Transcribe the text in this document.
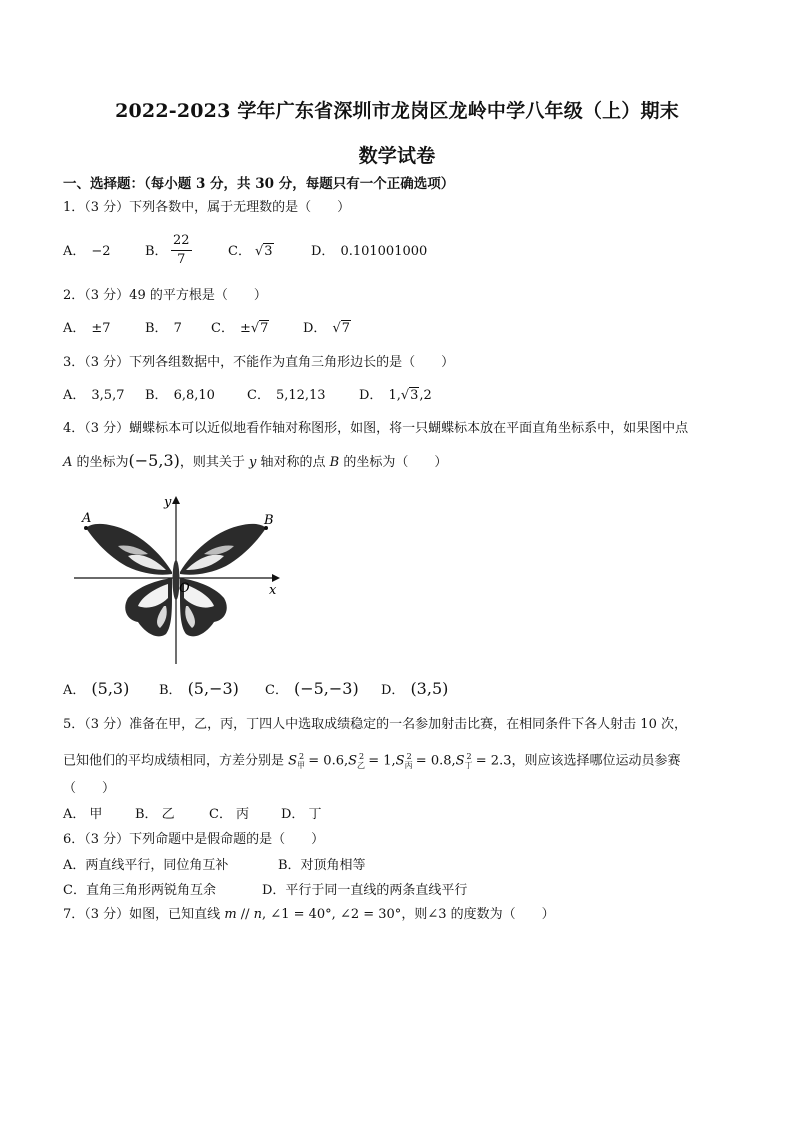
2022-2023 学年广东省深圳市龙岗区龙岭中学八年级（上）期末
数学试卷
一、选择题：（每小题 3 分，共 30 分，每题只有一个正确选项）
1．（3 分）下列各数中，属于无理数的是（　　）
A． −2	B． $\frac{22}{7}$	C． √3	D． 0.101001000
2．（3 分）49 的平方根是（　　）
A． ±7	B． 7 C． ±√7	D． √7
3．（3 分）下列各组数据中，不能作为直角三角形边长的是（　　）
A． 3,5,7 B． 6,8,10 C． 5,12,13	D． 1,√3,2
4．（3 分）蝴蝶标本可以近似地看作轴对称图形，如图，将一只蝴蝶标本放在平面直角坐标系中，如果图中点
A 的坐标为(−5,3)，则其关于 y 轴对称的点 B 的坐标为（　　）
A	B
O	x
y
A． (5,3) B． (5,−3) C． (−5,−3) D． (3,5)
5．（3 分）准备在甲，乙，丙，丁四人中选取成绩稳定的一名参加射击比赛，在相同条件下各人射击 10 次，
已知他们的平均成绩相同，方差分别是 $S_甲^2 = 0.6,S_乙^2 = 1,S_丙^2 = 0.8,S_丁^2 = 2.3$，则应该选择哪位运动员参赛
（　　）
A． 甲	B． 乙	C． 丙 D． 丁
6．（3 分）下列命题中是假命题的是（　　）
A．两直线平行，同位角互补	B．对顶角相等
C．直角三角形两锐角互余	D．平行于同一直线的两条直线平行
7．（3 分）如图，已知直线 m // n, ∠1 = 40°, ∠2 = 30°，则∠3 的度数为（　　）
